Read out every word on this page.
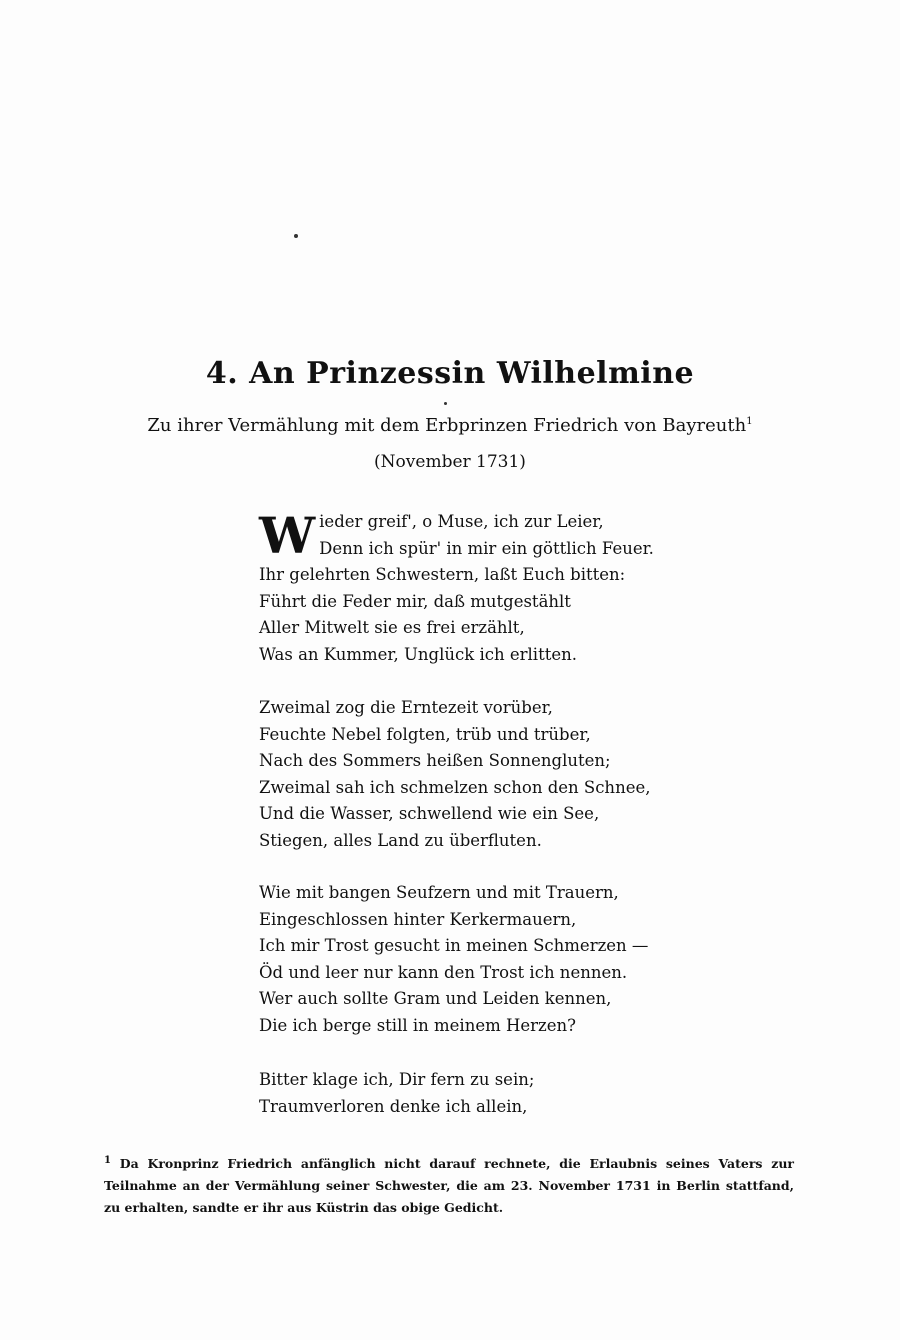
4. An Prinzessin Wilhelmine
Zu ihrer Vermählung mit dem Erbprinzen Friedrich von Bayreuth$^1$
(November 1731)
W ieder greif', o Muse, ich zur Leier,
Denn ich spür' in mir ein göttlich Feuer.
Ihr gelehrten Schwestern, laßt Euch bitten:
Führt die Feder mir, daß mutgestählt
Aller Mitwelt sie es frei erzählt,
Was an Kummer, Unglück ich erlitten.
Zweimal zog die Erntezeit vorüber,
Feuchte Nebel folgten, trüb und trüber,
Nach des Sommers heißen Sonnengluten;
Zweimal sah ich schmelzen schon den Schnee,
Und die Wasser, schwellend wie ein See,
Stiegen, alles Land zu überfluten.
Wie mit bangen Seufzern und mit Trauern,
Eingeschlossen hinter Kerkermauern,
Ich mir Trost gesucht in meinen Schmerzen —
Öd und leer nur kann den Trost ich nennen.
Wer auch sollte Gram und Leiden kennen,
Die ich berge still in meinem Herzen?
Bitter klage ich, Dir fern zu sein;
Traumverloren denke ich allein,
$^1$ Da Kronprinz Friedrich anfänglich nicht darauf rechnete, die Erlaubnis seines Vaters zur Teilnahme an der Vermählung seiner Schwester, die am 23. November 1731 in Berlin stattfand, zu erhalten, sandte er ihr aus Küstrin das obige Gedicht.
